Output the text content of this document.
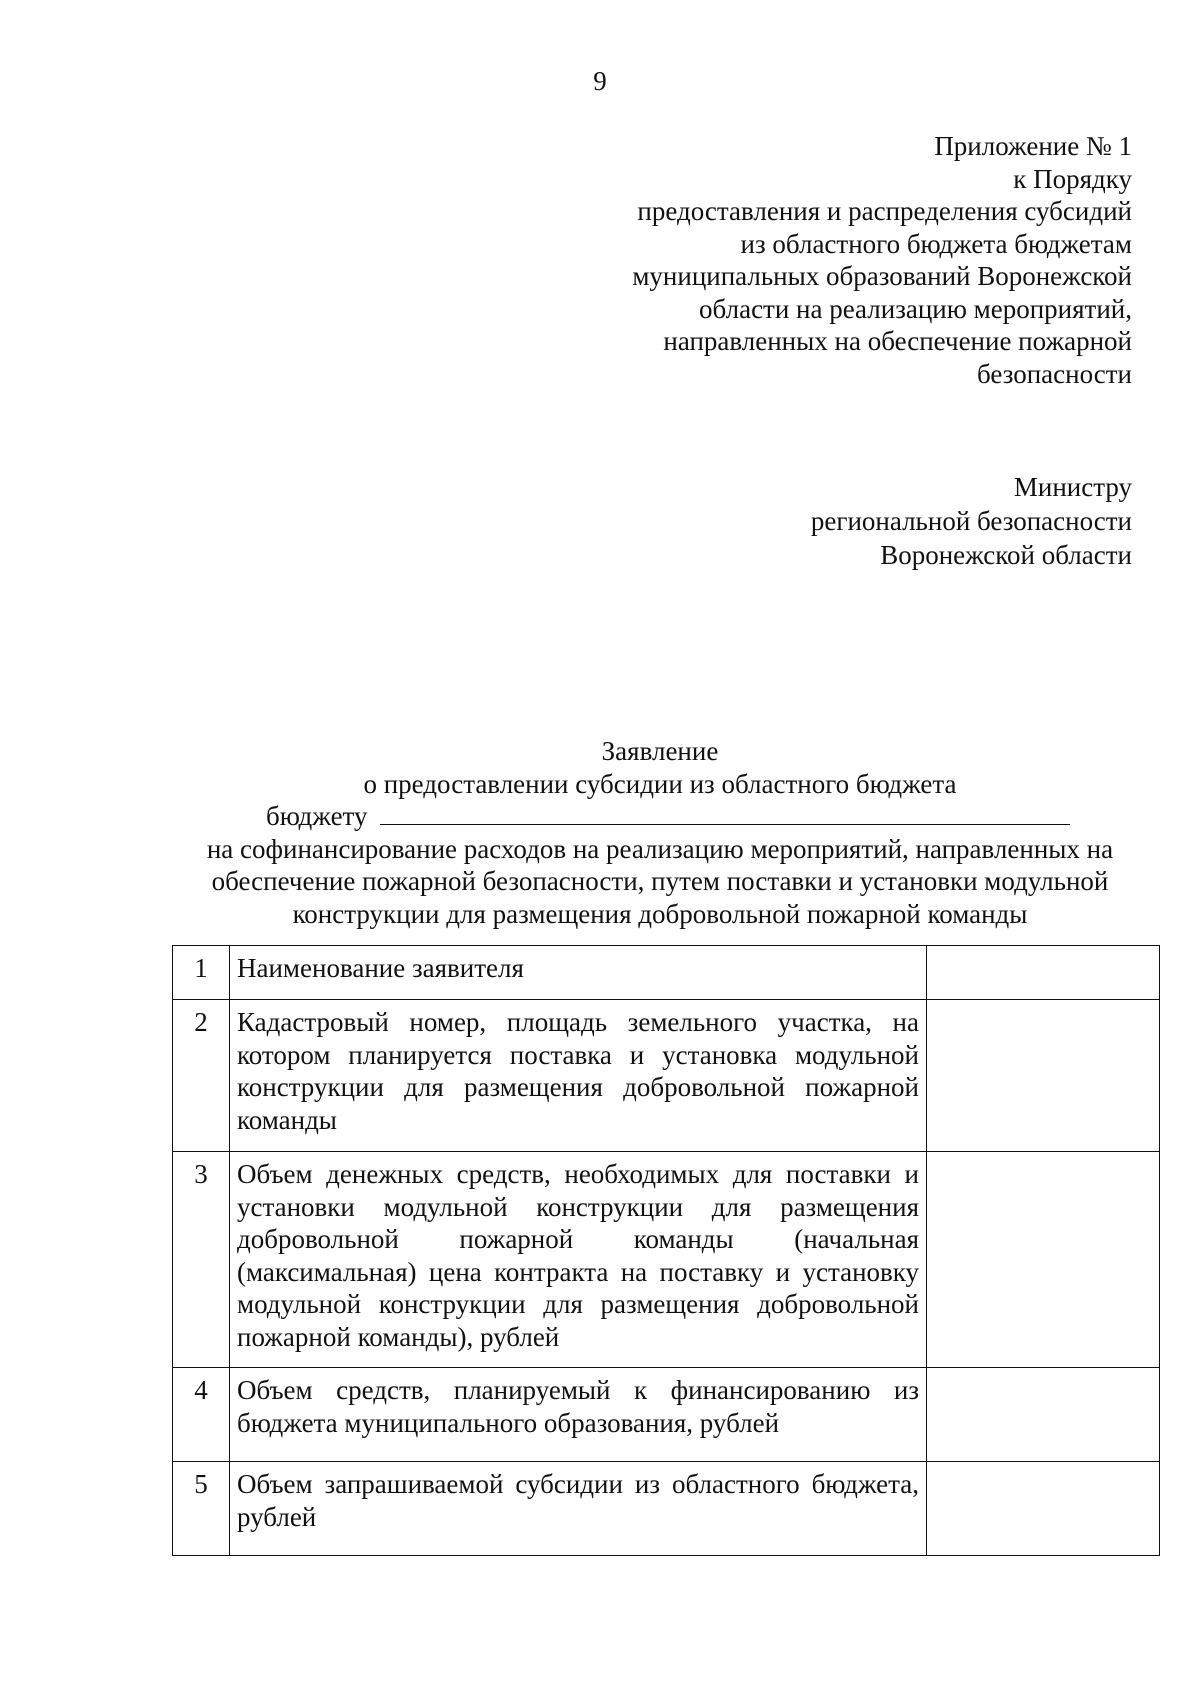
9
Приложение № 1
к Порядку
предоставления и распределения субсидий
из областного бюджета бюджетам
муниципальных образований Воронежской
области на реализацию мероприятий,
направленных на обеспечение пожарной
безопасности
Министру
региональной безопасности
Воронежской области
Заявление
о предоставлении субсидии из областного бюджета
бюджету
на софинансирование расходов на реализацию мероприятий, направленных на
обеспечение пожарной безопасности, путем поставки и установки модульной
конструкции для размещения добровольной пожарной команды
1	Наименование заявителя	
2	Кадастровый номер, площадь земельного участка, на котором планируется поставка и установка модульной конструкции для размещения добровольной пожарной команды	
3	Объем денежных средств, необходимых для поставки и установки модульной конструкции для размещения добровольной пожарной команды (начальная (максимальная) цена контракта на поставку и установку модульной конструкции для размещения добровольной пожарной команды), рублей	
4	Объем средств, планируемый к финансированию из бюджета муниципального образования, рублей	
5	Объем запрашиваемой субсидии из областного бюджета, рублей	
